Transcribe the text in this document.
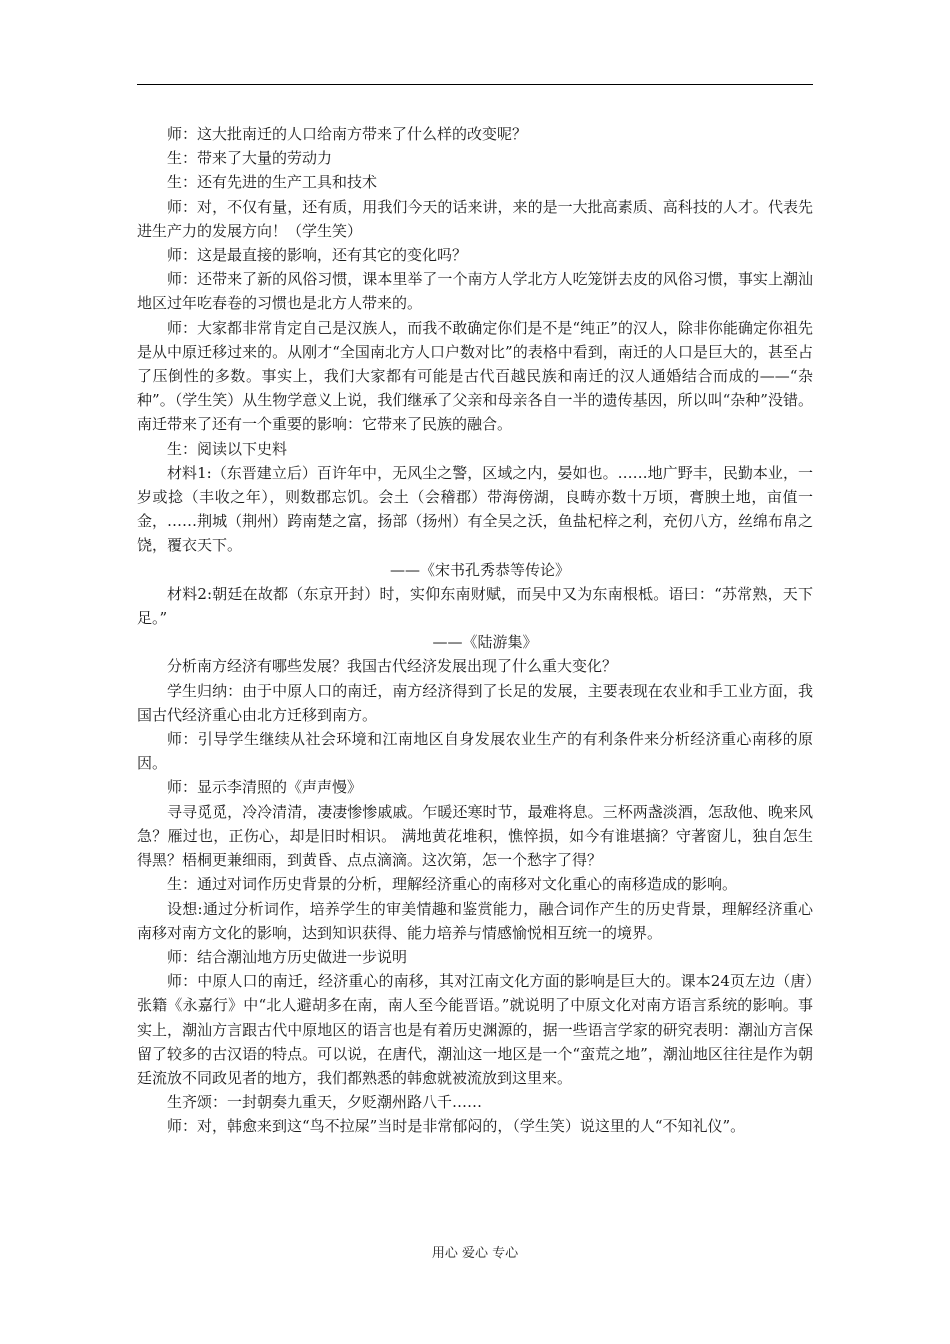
师：这大批南迁的人口给南方带来了什么样的改变呢？

生：带来了大量的劳动力

生：还有先进的生产工具和技术

师：对，不仅有量，还有质，用我们今天的话来讲，来的是一大批高素质、高科技的人才。代表先进生产力的发展方向！（学生笑）

师：这是最直接的影响，还有其它的变化吗？

师：还带来了新的风俗习惯，课本里举了一个南方人学北方人吃笼饼去皮的风俗习惯，事实上潮汕地区过年吃春卷的习惯也是北方人带来的。

师：大家都非常肯定自己是汉族人，而我不敢确定你们是不是“纯正”的汉人，除非你能确定你祖先是从中原迁移过来的。从刚才“全国南北方人口户数对比”的表格中看到，南迁的人口是巨大的，甚至占了压倒性的多数。事实上，我们大家都有可能是古代百越民族和南迁的汉人通婚结合而成的——“杂种”。（学生笑）从生物学意义上说，我们继承了父亲和母亲各自一半的遗传基因，所以叫“杂种”没错。南迁带来了还有一个重要的影响：它带来了民族的融合。

生：阅读以下史料

材料1:（东晋建立后）百许年中，无风尘之警，区域之内，晏如也。……地广野丰，民勤本业，一岁或捻（丰收之年），则数郡忘饥。会土（会稽郡）带海傍湖，良畴亦数十万顷，膏腴土地，亩值一金，……荆城（荆州）跨南楚之富，扬部（扬州）有全吴之沃，鱼盐杞梓之利，充仞八方，丝绵布帛之饶，覆衣天下。

——《宋书孔秀恭等传论》

材料2:朝廷在故都（东京开封）时，实仰东南财赋，而吴中又为东南根柢。语曰：“苏常熟，天下足。”

——《陆游集》

分析南方经济有哪些发展？我国古代经济发展出现了什么重大变化？

学生归纳：由于中原人口的南迁，南方经济得到了长足的发展，主要表现在农业和手工业方面，我国古代经济重心由北方迁移到南方。

师：引导学生继续从社会环境和江南地区自身发展农业生产的有利条件来分析经济重心南移的原因。

师：显示李清照的《声声慢》

寻寻觅觅，冷冷清清，凄凄惨惨戚戚。乍暖还寒时节，最难将息。三杯两盏淡酒，怎敌他、晚来风急？雁过也，正伤心，却是旧时相识。 满地黄花堆积，憔悴损，如今有谁堪摘？守著窗儿，独自怎生得黑？梧桐更兼细雨，到黄昏、点点滴滴。这次第，怎一个愁字了得？

生：通过对词作历史背景的分析，理解经济重心的南移对文化重心的南移造成的影响。

设想:通过分析词作，培养学生的审美情趣和鉴赏能力，融合词作产生的历史背景，理解经济重心南移对南方文化的影响，达到知识获得、能力培养与情感愉悦相互统一的境界。

师：结合潮汕地方历史做进一步说明

师：中原人口的南迁，经济重心的南移，其对江南文化方面的影响是巨大的。课本24页左边（唐）张籍《永嘉行》中“北人避胡多在南，南人至今能晋语。”就说明了中原文化对南方语言系统的影响。事实上，潮汕方言跟古代中原地区的语言也是有着历史渊源的，据一些语言学家的研究表明：潮汕方言保留了较多的古汉语的特点。可以说，在唐代，潮汕这一地区是一个“蛮荒之地”，潮汕地区往往是作为朝廷流放不同政见者的地方，我们都熟悉的韩愈就被流放到这里来。

生齐颂：一封朝奏九重天，夕贬潮州路八千……

师：对，韩愈来到这“鸟不拉屎”当时是非常郁闷的，（学生笑）说这里的人“不知礼仪”。

用心 爱心 专心
